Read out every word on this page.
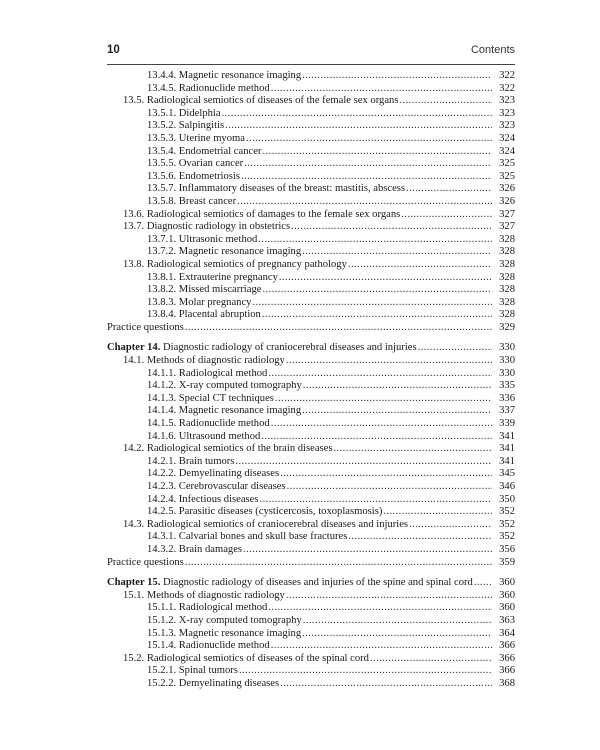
10	Contents
13.4.4. Magnetic resonance imaging .....	322
13.4.5. Radionuclide method .....	322
13.5. Radiological semiotics of diseases of the female sex organs .....	323
13.5.1. Didelphia .....	323
13.5.2. Salpingitis .....	323
13.5.3. Uterine myoma .....	324
13.5.4. Endometrial cancer .....	324
13.5.5. Ovarian cancer .....	325
13.5.6. Endometriosis .....	325
13.5.7. Inflammatory diseases of the breast: mastitis, abscess .....	326
13.5.8. Breast cancer .....	326
13.6. Radiological semiotics of damages to the female sex organs .....	327
13.7. Diagnostic radiology in obstetrics .....	327
13.7.1. Ultrasonic method .....	328
13.7.2. Magnetic resonance imaging .....	328
13.8. Radiological semiotics of pregnancy pathology .....	328
13.8.1. Extrauterine pregnancy .....	328
13.8.2. Missed miscarriage .....	328
13.8.3. Molar pregnancy .....	328
13.8.4. Placental abruption .....	328
Practice questions .....	329
Chapter 14. Diagnostic radiology of craniocerebral diseases and injuries .....	330
14.1. Methods of diagnostic radiology .....	330
14.1.1. Radiological method .....	330
14.1.2. X-ray computed tomography .....	335
14.1.3. Special CT techniques .....	336
14.1.4. Magnetic resonance imaging .....	337
14.1.5. Radionuclide method .....	339
14.1.6. Ultrasound method .....	341
14.2. Radiological semiotics of the brain diseases .....	341
14.2.1. Brain tumors .....	341
14.2.2. Demyelinating diseases .....	345
14.2.3. Cerebrovascular diseases .....	346
14.2.4. Infectious diseases .....	350
14.2.5. Parasitic diseases (cysticercosis, toxoplasmosis) .....	352
14.3. Radiological semiotics of craniocerebral diseases and injuries .....	352
14.3.1. Calvarial bones and skull base fractures .....	352
14.3.2. Brain damages .....	356
Practice questions .....	359
Chapter 15. Diagnostic radiology of diseases and injuries of the spine and spinal cord .....	360
15.1. Methods of diagnostic radiology .....	360
15.1.1. Radiological method .....	360
15.1.2. X-ray computed tomography .....	363
15.1.3. Magnetic resonance imaging .....	364
15.1.4. Radionuclide method .....	366
15.2. Radiological semiotics of diseases of the spinal cord .....	366
15.2.1. Spinal tumors .....	366
15.2.2. Demyelinating diseases .....	368
